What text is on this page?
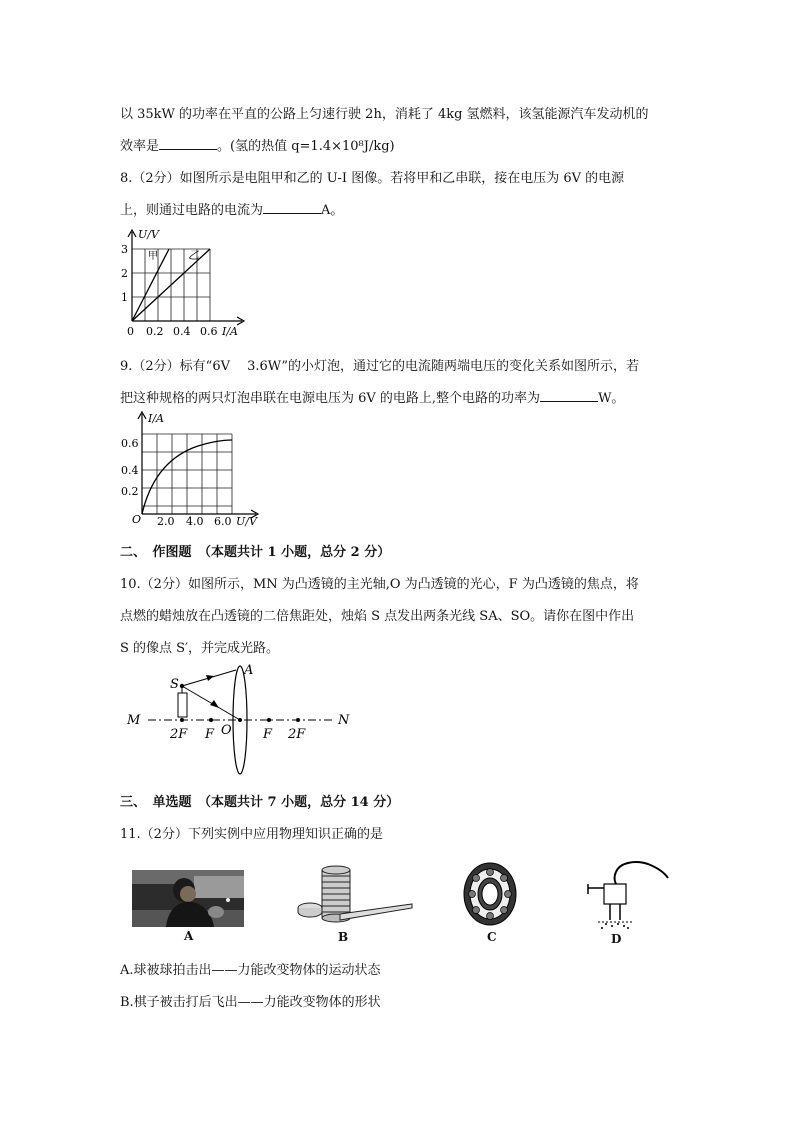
以 35kW 的功率在平直的公路上匀速行驶 2h，消耗了 4kg 氢燃料，该氢能源汽车发动机的
效率是	。(氢的热值 q=1.4×10⁸J/kg)
8.（2分）如图所示是电阻甲和乙的 U-I 图像。若将甲和乙串联，接在电压为 6V 的电源
上，则通过电路的电流为	A。
甲	乙
U/V
3
2
1
0 0.2 0.4 0.6 I/A
9.（2分）标有“6V　 3.6W”的小灯泡，通过它的电流随两端电压的变化关系如图所示，若
把这种规格的两只灯泡串联在电源电压为 6V 的电路上,整个电路的功率为	W。
I/A
0.6
0.4
0.2
O 2.0 4.0 6.0 U/V
二、　作图题　（本题共计 1 小题，总分 2 分）
10.（2分）如图所示，MN 为凸透镜的主光轴,O 为凸透镜的光心，F 为凸透镜的焦点，将
点燃的蜡烛放在凸透镜的二倍焦距处，烛焰 S 点发出两条光线 SA、SO。请你在图中作出
S 的像点 S′，并完成光路。
M	N
S
A
O
2F F	F 2F
三、　单选题　（本题共计 7 小题，总分 14 分）
11.（2分）下列实例中应用物理知识正确的是
A	B	C	D
A.球被球拍击出——力能改变物体的运动状态
B.棋子被击打后飞出——力能改变物体的形状
